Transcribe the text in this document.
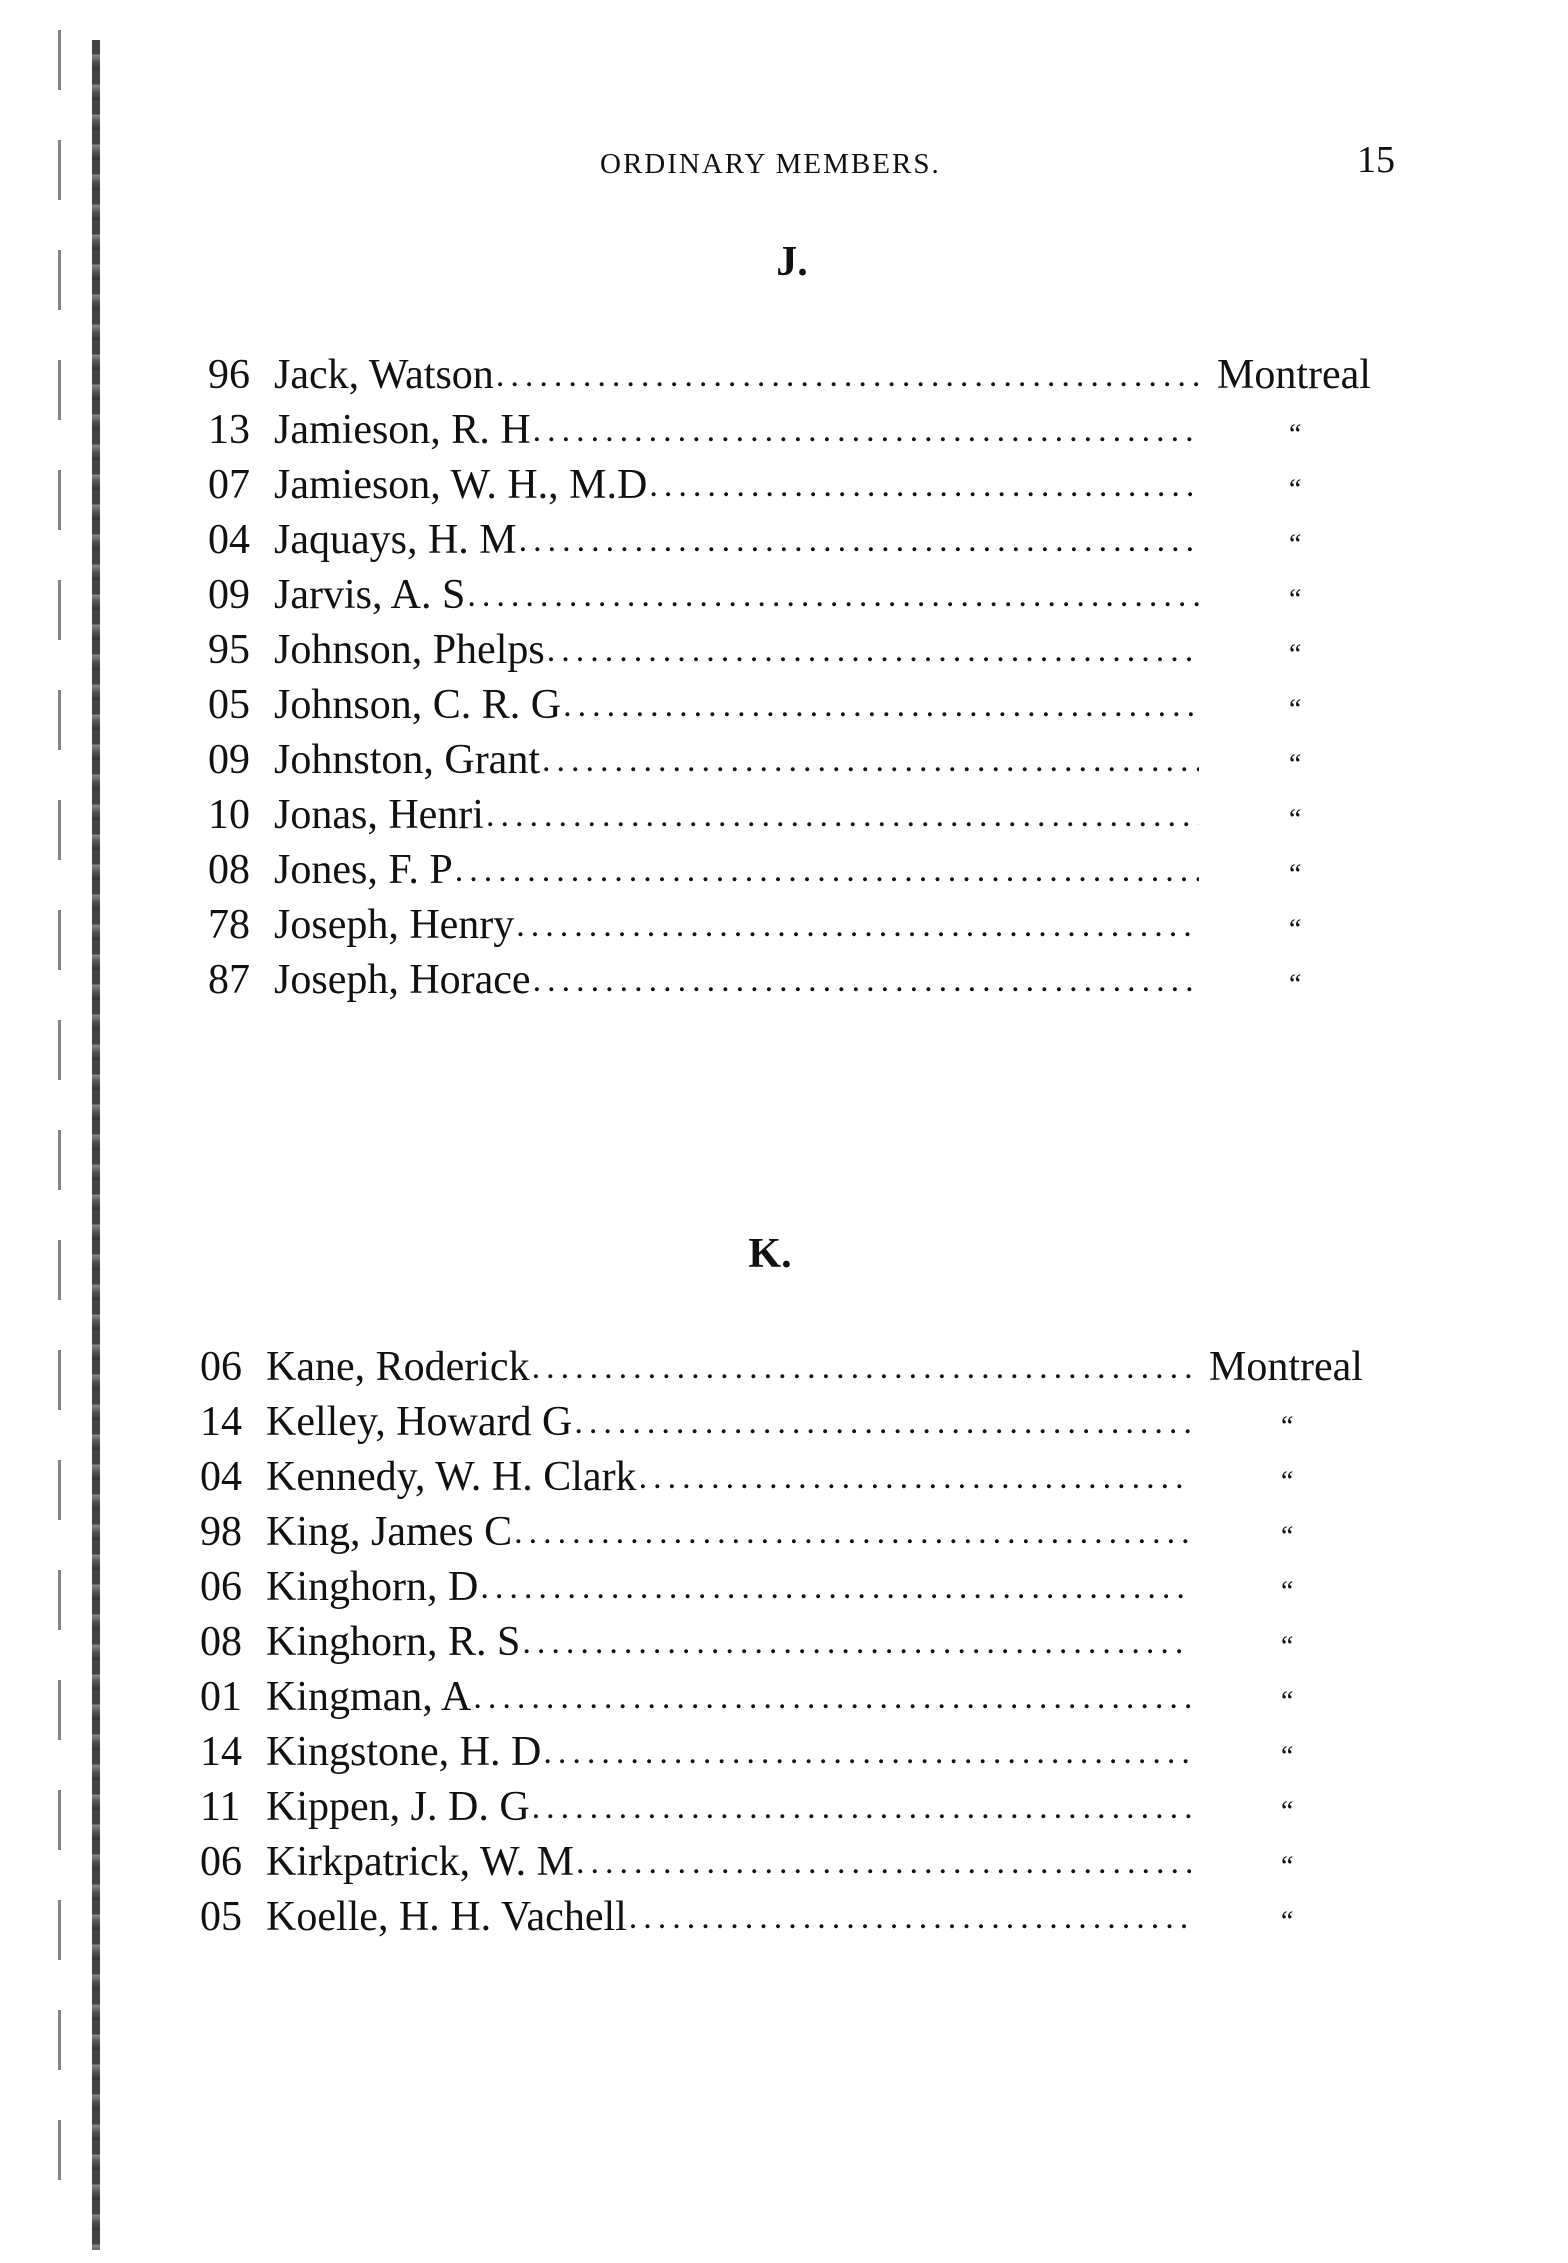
ORDINARY MEMBERS.	15
J.
96 Jack, Watson .....	Montreal
13 Jamieson, R. H .....	“
07 Jamieson, W. H., M.D .....	“
04 Jaquays, H. M .....	“
09 Jarvis, A. S .....	“
95 Johnson, Phelps .....	“
05 Johnson, C. R. G .....	“
09 Johnston, Grant .....	“
10 Jonas, Henri .....	“
08 Jones, F. P .....	“
78 Joseph, Henry .....	“
87 Joseph, Horace .....	“
K.
06 Kane, Roderick .....	Montreal
14 Kelley, Howard G .....	“
04 Kennedy, W. H. Clark .....	“
98 King, James C .....	“
06 Kinghorn, D .....	“
08 Kinghorn, R. S .....	“
01 Kingman, A .....	“
14 Kingstone, H. D .....	“
11 Kippen, J. D. G .....	“
06 Kirkpatrick, W. M .....	“
05 Koelle, H. H. Vachell .....	“
